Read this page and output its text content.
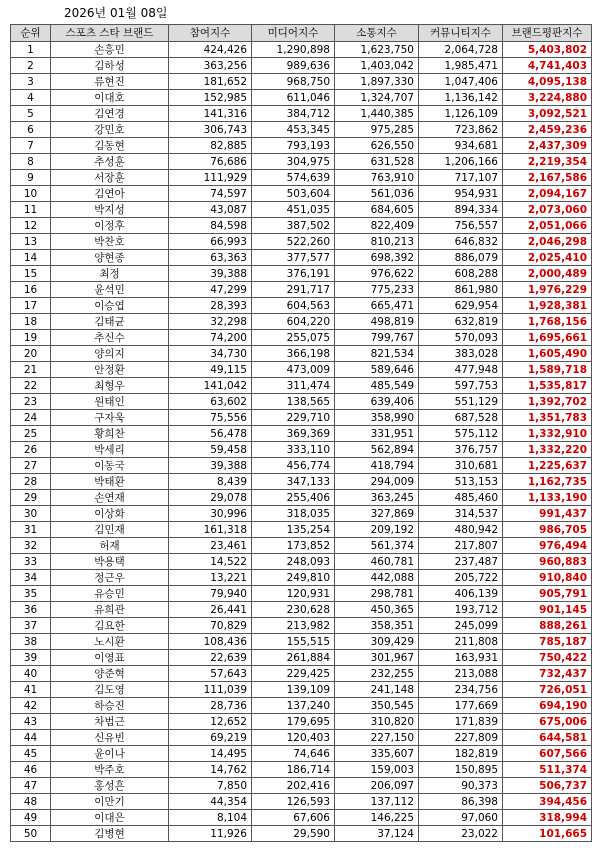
2026년 01월 08일
순위	스포츠 스타 브랜드	참여지수	미디어지수	소통지수	커뮤니티지수	브랜드평판지수
1	손흥민	424,426	1,290,898	1,623,750	2,064,728	5,403,802
2	김하성	363,256	989,636	1,403,042	1,985,471	4,741,403
3	류현진	181,652	968,750	1,897,330	1,047,406	4,095,138
4	이대호	152,985	611,046	1,324,707	1,136,142	3,224,880
5	김연경	141,316	384,712	1,440,385	1,126,109	3,092,521
6	강민호	306,743	453,345	975,285	723,862	2,459,236
7	김동현	82,885	793,193	626,550	934,681	2,437,309
8	추성훈	76,686	304,975	631,528	1,206,166	2,219,354
9	서장훈	111,929	574,639	763,910	717,107	2,167,586
10	김연아	74,597	503,604	561,036	954,931	2,094,167
11	박지성	43,087	451,035	684,605	894,334	2,073,060
12	이정후	84,598	387,502	822,409	756,557	2,051,066
13	박찬호	66,993	522,260	810,213	646,832	2,046,298
14	양현종	63,363	377,577	698,392	886,079	2,025,410
15	최정	39,388	376,191	976,622	608,288	2,000,489
16	윤석민	47,299	291,717	775,233	861,980	1,976,229
17	이승엽	28,393	604,563	665,471	629,954	1,928,381
18	김태균	32,298	604,220	498,819	632,819	1,768,156
19	추신수	74,200	255,075	799,767	570,093	1,695,661
20	양의지	34,730	366,198	821,534	383,028	1,605,490
21	안정환	49,115	473,009	589,646	477,948	1,589,718
22	최형우	141,042	311,474	485,549	597,753	1,535,817
23	원태인	63,602	138,565	639,406	551,129	1,392,702
24	구자욱	75,556	229,710	358,990	687,528	1,351,783
25	황희찬	56,478	369,369	331,951	575,112	1,332,910
26	박세리	59,458	333,110	562,894	376,757	1,332,220
27	이동국	39,388	456,774	418,794	310,681	1,225,637
28	박태환	8,439	347,133	294,009	513,153	1,162,735
29	손연재	29,078	255,406	363,245	485,460	1,133,190
30	이상화	30,996	318,035	327,869	314,537	991,437
31	김민재	161,318	135,254	209,192	480,942	986,705
32	허재	23,461	173,852	561,374	217,807	976,494
33	박용택	14,522	248,093	460,781	237,487	960,883
34	정근우	13,221	249,810	442,088	205,722	910,840
35	유승민	79,940	120,931	298,781	406,139	905,791
36	유희관	26,441	230,628	450,365	193,712	901,145
37	김요한	70,829	213,982	358,351	245,099	888,261
38	노시환	108,436	155,515	309,429	211,808	785,187
39	이영표	22,639	261,884	301,967	163,931	750,422
40	양준혁	57,643	229,425	232,255	213,088	732,437
41	김도영	111,039	139,109	241,148	234,756	726,051
42	하승진	28,736	137,240	350,545	177,669	694,190
43	차범근	12,652	179,695	310,820	171,839	675,006
44	신유빈	69,219	120,403	227,150	227,809	644,581
45	윤이나	14,495	74,646	335,607	182,819	607,566
46	박주호	14,762	186,714	159,003	150,895	511,374
47	홍성흔	7,850	202,416	206,097	90,373	506,737
48	이만기	44,354	126,593	137,112	86,398	394,456
49	이대은	8,104	67,606	146,225	97,060	318,994
50	김병현	11,926	29,590	37,124	23,022	101,665
